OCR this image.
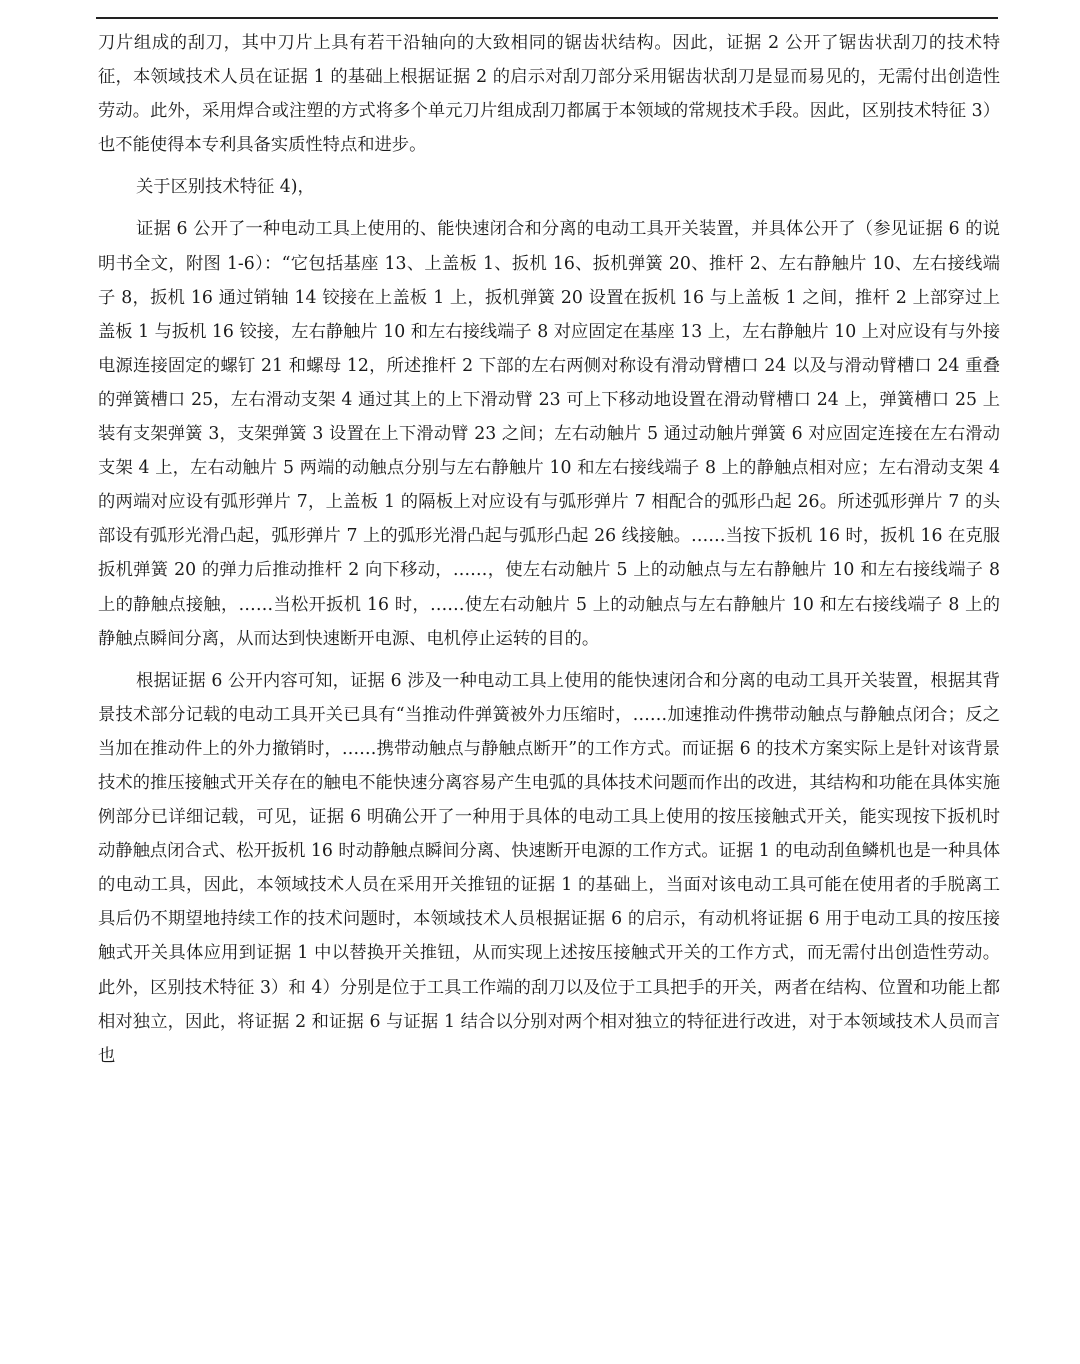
刀片组成的刮刀，其中刀片上具有若干沿轴向的大致相同的锯齿状结构。因此，证据 2 公开了锯齿状刮刀的技术特征，本领域技术人员在证据 1 的基础上根据证据 2 的启示对刮刀部分采用锯齿状刮刀是显而易见的，无需付出创造性劳动。此外，采用焊合或注塑的方式将多个单元刀片组成刮刀都属于本领域的常规技术手段。因此，区别技术特征 3）也不能使得本专利具备实质性特点和进步。

关于区别技术特征 4)，

证据 6 公开了一种电动工具上使用的、能快速闭合和分离的电动工具开关装置，并具体公开了（参见证据 6 的说明书全文，附图 1-6）：“它包括基座 13、上盖板 1、扳机 16、扳机弹簧 20、推杆 2、左右静触片 10、左右接线端子 8，扳机 16 通过销轴 14 铰接在上盖板 1 上，扳机弹簧 20 设置在扳机 16 与上盖板 1 之间，推杆 2 上部穿过上盖板 1 与扳机 16 铰接，左右静触片 10 和左右接线端子 8 对应固定在基座 13 上，左右静触片 10 上对应设有与外接电源连接固定的螺钉 21 和螺母 12，所述推杆 2 下部的左右两侧对称设有滑动臂槽口 24 以及与滑动臂槽口 24 重叠的弹簧槽口 25，左右滑动支架 4 通过其上的上下滑动臂 23 可上下移动地设置在滑动臂槽口 24 上，弹簧槽口 25 上装有支架弹簧 3，支架弹簧 3 设置在上下滑动臂 23 之间；左右动触片 5 通过动触片弹簧 6 对应固定连接在左右滑动支架 4 上，左右动触片 5 两端的动触点分别与左右静触片 10 和左右接线端子 8 上的静触点相对应；左右滑动支架 4 的两端对应设有弧形弹片 7，上盖板 1 的隔板上对应设有与弧形弹片 7 相配合的弧形凸起 26。所述弧形弹片 7 的头部设有弧形光滑凸起，弧形弹片 7 上的弧形光滑凸起与弧形凸起 26 线接触。……当按下扳机 16 时，扳机 16 在克服扳机弹簧 20 的弹力后推动推杆 2 向下移动，……，使左右动触片 5 上的动触点与左右静触片 10 和左右接线端子 8 上的静触点接触，……当松开扳机 16 时，……使左右动触片 5 上的动触点与左右静触片 10 和左右接线端子 8 上的静触点瞬间分离，从而达到快速断开电源、电机停止运转的目的。

根据证据 6 公开内容可知，证据 6 涉及一种电动工具上使用的能快速闭合和分离的电动工具开关装置，根据其背景技术部分记载的电动工具开关已具有“当推动件弹簧被外力压缩时，……加速推动件携带动触点与静触点闭合；反之当加在推动件上的外力撤销时，……携带动触点与静触点断开”的工作方式。而证据 6 的技术方案实际上是针对该背景技术的推压接触式开关存在的触电不能快速分离容易产生电弧的具体技术问题而作出的改进，其结构和功能在具体实施例部分已详细记载，可见，证据 6 明确公开了一种用于具体的电动工具上使用的按压接触式开关，能实现按下扳机时动静触点闭合式、松开扳机 16 时动静触点瞬间分离、快速断开电源的工作方式。证据 1 的电动刮鱼鳞机也是一种具体的电动工具，因此，本领域技术人员在采用开关推钮的证据 1 的基础上，当面对该电动工具可能在使用者的手脱离工具后仍不期望地持续工作的技术问题时，本领域技术人员根据证据 6 的启示，有动机将证据 6 用于电动工具的按压接触式开关具体应用到证据 1 中以替换开关推钮，从而实现上述按压接触式开关的工作方式，而无需付出创造性劳动。此外，区别技术特征 3）和 4）分别是位于工具工作端的刮刀以及位于工具把手的开关，两者在结构、位置和功能上都相对独立，因此，将证据 2 和证据 6 与证据 1 结合以分别对两个相对独立的特征进行改进，对于本领域技术人员而言也
